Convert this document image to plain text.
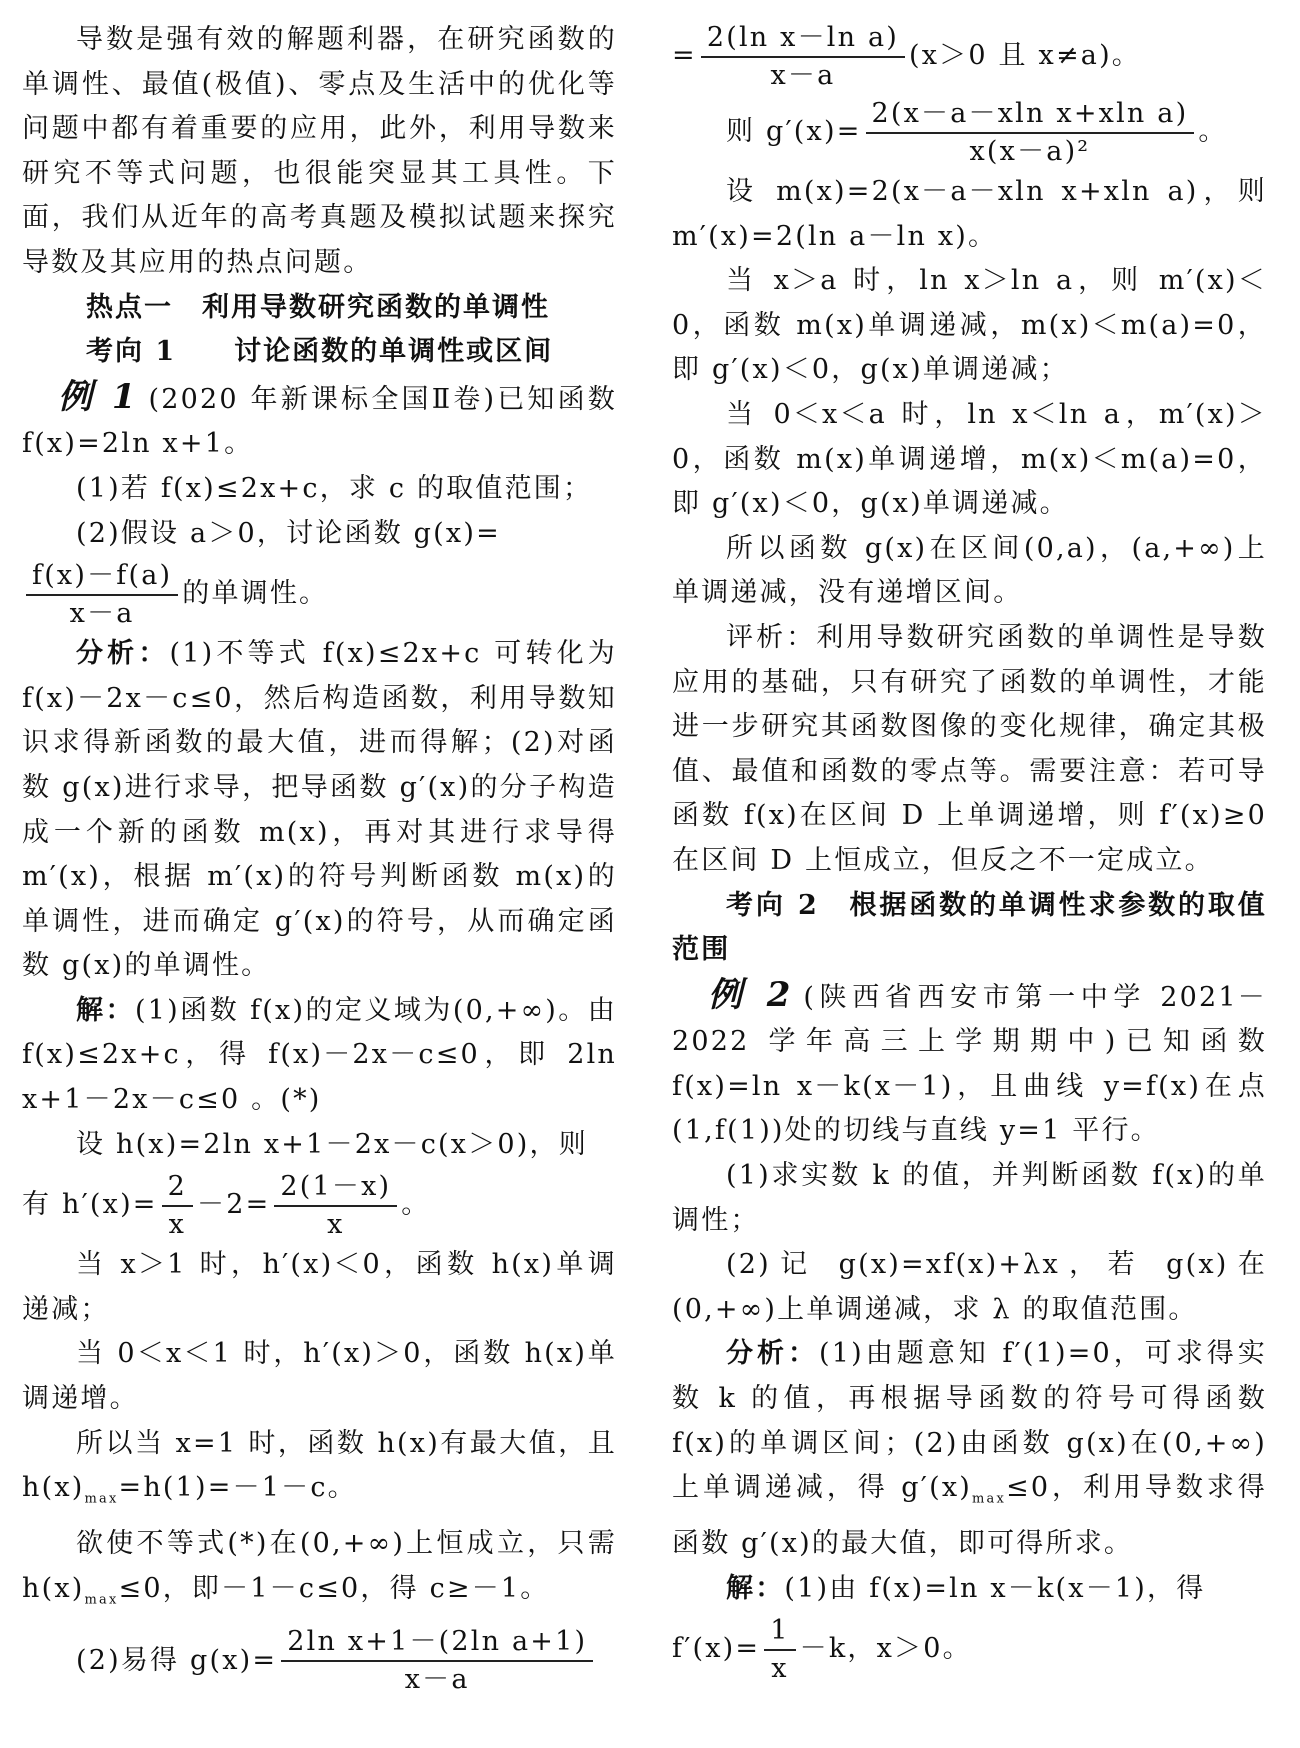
导数是强有效的解题利器，在研究函数的单调性、最值(极值)、零点及生活中的优化等问题中都有着重要的应用，此外，利用导数来研究不等式问题，也很能突显其工具性。下面，我们从近年的高考真题及模拟试题来探究导数及其应用的热点问题。

热点一　利用导数研究函数的单调性

考向 1　　讨论函数的单调性或区间

例 1 (2020 年新课标全国Ⅱ卷)已知函数 f(x)=2ln x+1。

(1)若 f(x)≤2x+c，求 c 的取值范围；

(2)假设 a＞0，讨论函数 g(x)=

$\frac{f(x)-f(a)}{x-a}$ 的单调性。

分析：(1)不等式 f(x)≤2x+c 可转化为 f(x)－2x－c≤0，然后构造函数，利用导数知识求得新函数的最大值，进而得解；(2)对函数 g(x)进行求导，把导函数 g′(x)的分子构造成一个新的函数 m(x)，再对其进行求导得 m′(x)，根据 m′(x)的符号判断函数 m(x)的单调性，进而确定 g′(x)的符号，从而确定函数 g(x)的单调性。

解：(1)函数 f(x)的定义域为(0,+∞)。由 f(x)≤2x+c，得 f(x)－2x－c≤0，即 2ln x+1－2x－c≤0 。(*)

设 h(x)=2ln x+1－2x－c(x＞0)，则

有 $h'(x)= \frac{2}{x} -2= \frac{2(1-x)}{x}$ 。

当 x＞1 时，h′(x)＜0，函数 h(x)单调递减；

当 0＜x＜1 时，h′(x)＞0，函数 h(x)单调递增。

所以当 x=1 时，函数 h(x)有最大值，且 $h(x)_{max}=h(1)=-1-c$。

欲使不等式(*)在(0,+∞)上恒成立，只需 $h(x)_{max}\le 0$，即－1－c≤0，得 c≥－1。

(2)易得 $g(x)= \frac{\text{2ln x+1－(2ln a+1)}}{x-a}$

= $\frac{\text{2(ln x－ln a)}}{x-a} (x>0$ 且 x≠a)。

则 $g'(x)= \frac{\text{2(x－a－xln x+xln a)}}{\text{x(x－a)²}}$ 。

设 m(x)=2(x－a－xln x+xln a)，则 m′(x)=2(ln a－ln x)。

当 x＞a 时，ln x＞ln a，则 m′(x)＜0，函数 m(x)单调递减，m(x)＜m(a)=0，即 g′(x)＜0，g(x)单调递减；

当 0＜x＜a 时，ln x＜ln a，m′(x)＞0，函数 m(x)单调递增，m(x)＜m(a)=0，即 g′(x)＜0，g(x)单调递减。

所以函数 g(x)在区间(0,a)，(a,+∞)上单调递减，没有递增区间。

评析：利用导数研究函数的单调性是导数应用的基础，只有研究了函数的单调性，才能进一步研究其函数图像的变化规律，确定其极值、最值和函数的零点等。需要注意：若可导函数 f(x)在区间 D 上单调递增，则 f′(x)≥0 在区间 D 上恒成立，但反之不一定成立。

考向 2　根据函数的单调性求参数的取值范围

例 2 (陕西省西安市第一中学 2021－2022 学年高三上学期期中)已知函数 f(x)=ln x－k(x－1)，且曲线 y=f(x)在点(1,f(1))处的切线与直线 y=1 平行。

(1)求实数 k 的值，并判断函数 f(x)的单调性；

(2)记 g(x)=xf(x)+λx，若 g(x)在(0,+∞)上单调递减，求 λ 的取值范围。

分析：(1)由题意知 f′(1)=0，可求得实数 k 的值，再根据导函数的符号可得函数 f(x)的单调区间；(2)由函数 g(x)在(0,+∞)上单调递减，得 $g'(x)_{max}\le 0$，利用导数求得函数 g′(x)的最大值，即可得所求。

解：(1)由 f(x)=ln x－k(x－1)，得

$f'(x)= \frac{1}{x} -k$，x＞0。
